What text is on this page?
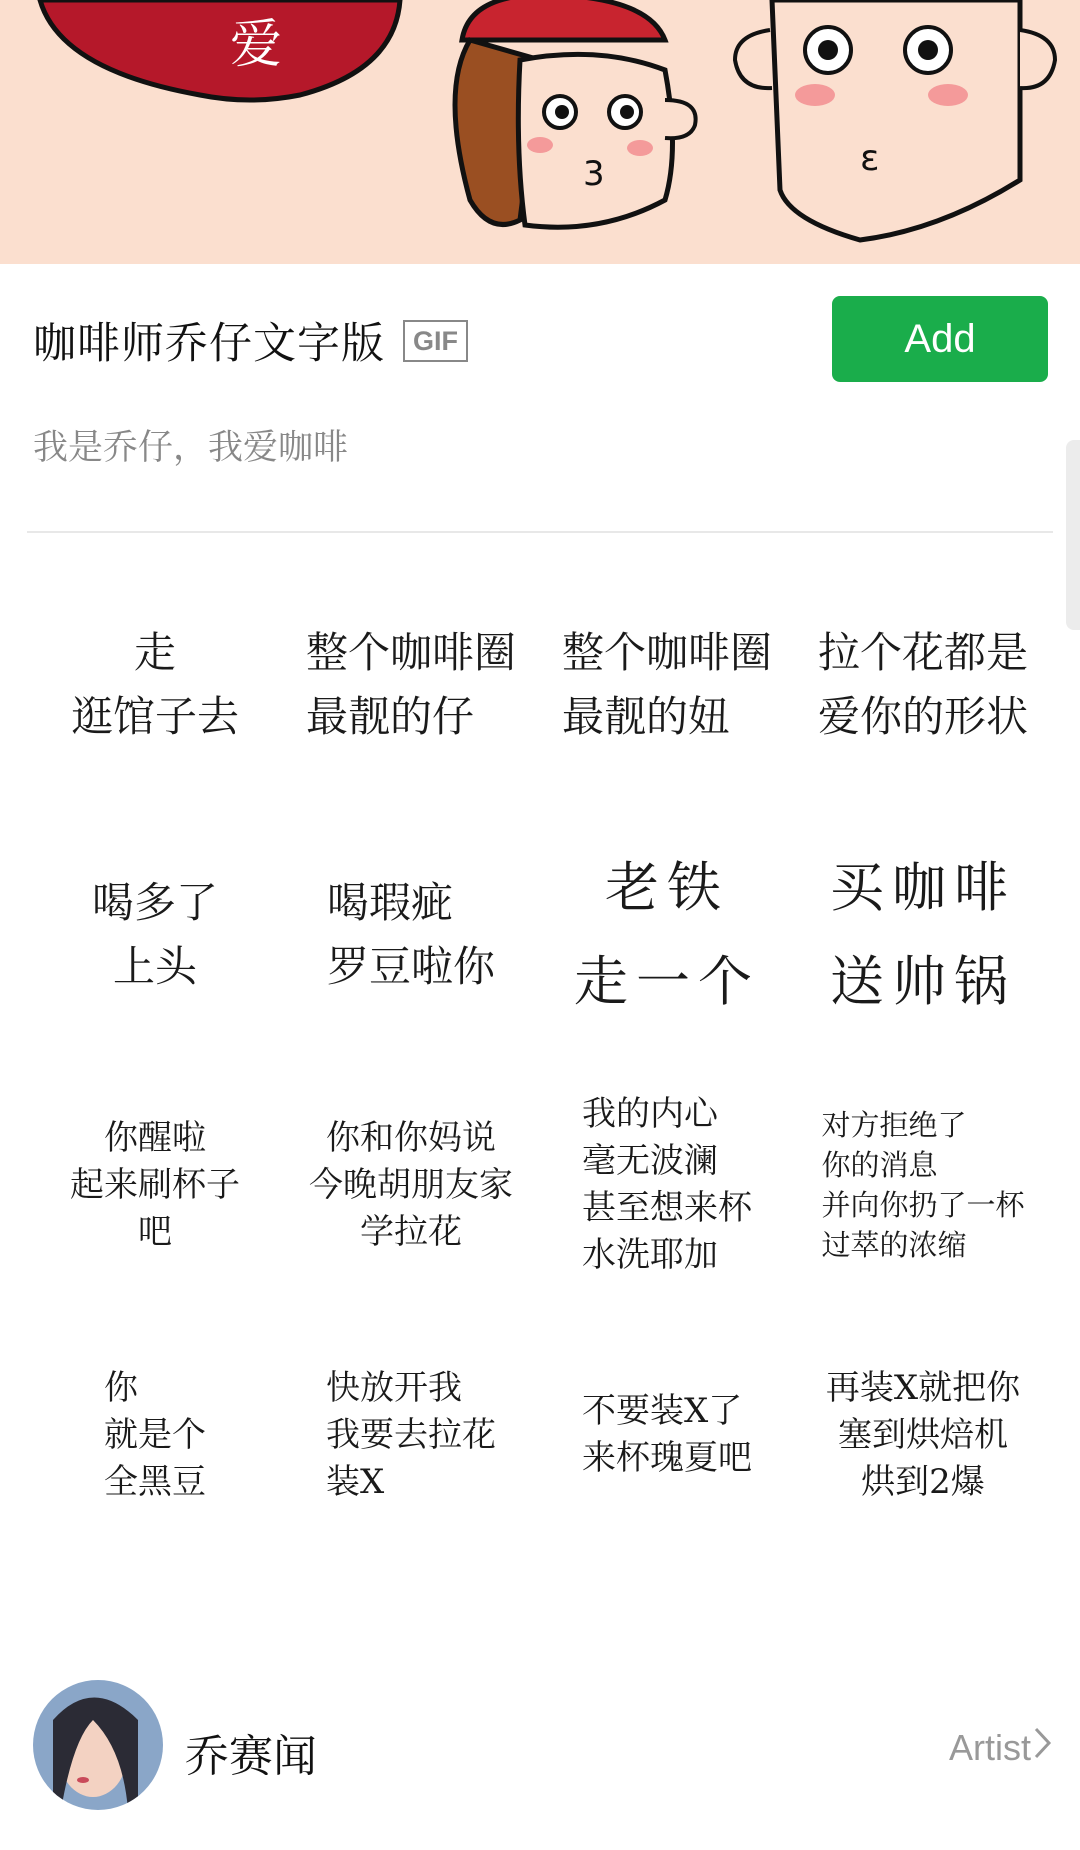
爱
3	ɛ
咖啡师乔仔文字版	GIF	Add
我是乔仔，我爱咖啡
走
逛馆子去
整个咖啡圈
最靓的仔
整个咖啡圈
最靓的妞
拉个花都是
爱你的形状
喝多了
上头
喝瑕疵
罗豆啦你
老铁
走一个
买咖啡
送帅锅
你醒啦
起来刷杯子
吧
你和你妈说
今晚胡朋友家
学拉花
我的内心
毫无波澜
甚至想来杯
水洗耶加
对方拒绝了
你的消息
并向你扔了一杯
过萃的浓缩
你
就是个
全黑豆
快放开我
我要去拉花
装X
不要装X了
来杯瑰夏吧
再装X就把你
塞到烘焙机
烘到2爆
乔赛闻	Artist
